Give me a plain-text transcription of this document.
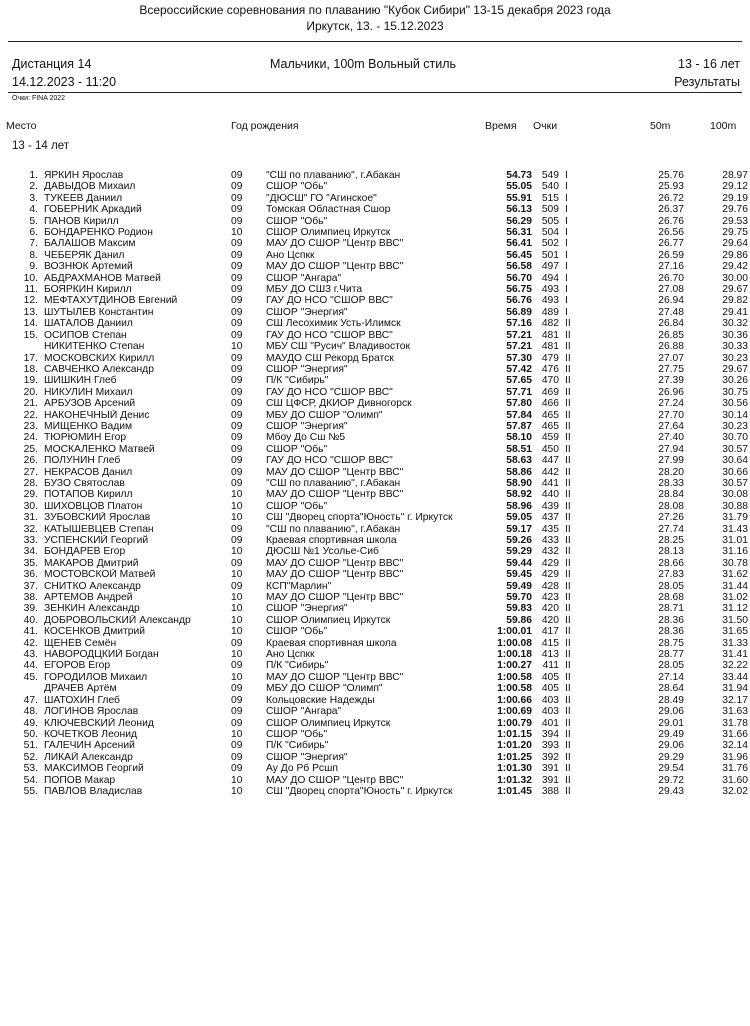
Всероссийские соревнования по плаванию "Кубок Сибири" 13-15 декабря 2023 года
Иркутск, 13. - 15.12.2023
Дистанция 14	Мальчики, 100m Вольный стиль	13 - 16 лет
14.12.2023 - 11:20	Результаты
Очки: FINA 2022
Место	Год рождения	Время Очки	50m	100m
13 - 14 лет
1.	ЯРКИН Ярослав	09	"СШ по плаванию", г.Абакан	54.73	549	I	25.76	28.97
2.	ДАВЫДОВ Михаил	09	СШОР "Обь"	55.05	540	I	25.93	29.12
3.	ТУКЕЕВ Даниил	09	"ДЮСШ" ГО "Агинское"	55.91	515	I	26.72	29.19
4.	ГОБЕРНИК Аркадий	09	Томская Областная Сшор	56.13	509	I	26.37	29.76
5.	ПАНОВ Кирилл	09	СШОР "Обь"	56.29	505	I	26.76	29.53
6.	БОНДАРЕНКО Родион	10	СШОР Олимпиец Иркутск	56.31	504	I	26.56	29.75
7.	БАЛАШОВ Максим	09	МАУ ДО СШОР "Центр ВВС"	56.41	502	I	26.77	29.64
8.	ЧЕБЕРЯК Данил	09	Ано Цспкк	56.45	501	I	26.59	29.86
9.	ВОЗНЮК Артемий	09	МАУ ДО СШОР "Центр ВВС"	56.58	497	I	27.16	29.42
10.	АБДРАХМАНОВ Матвей	09	СШОР "Ангара"	56.70	494	I	26.70	30.00
11.	БОЯРКИН Кирилл	09	МБУ ДО СШ3 г.Чита	56.75	493	I	27.08	29.67
12.	МЕФТАХУТДИНОВ Евгений	09	ГАУ ДО НСО "СШОР ВВС"	56.76	493	I	26.94	29.82
13.	ШУТЫЛЕВ Константин	09	СШОР "Энергия"	56.89	489	I	27.48	29.41
14.	ШАТАЛОВ Даниил	09	СШ Лесохимик Усть-Илимск	57.16	482	II	26.84	30.32
15.	ОСИПОВ Степан	09	ГАУ ДО НСО "СШОР ВВС"	57.21	481	II	26.85	30.36
	НИКИТЕНКО Степан	10	МБУ СШ "Русич" Владивосток	57.21	481	II	26.88	30.33
17.	МОСКОВСКИХ Кирилл	09	МАУДО СШ Рекорд Братск	57.30	479	II	27.07	30.23
18.	САВЧЕНКО Александр	09	СШОР "Энергия"	57.42	476	II	27.75	29.67
19.	ШИШКИН Глеб	09	П/К "Сибирь"	57.65	470	II	27.39	30.26
20.	НИКУЛИН Михаил	09	ГАУ ДО НСО "СШОР ВВС"	57.71	469	II	26.96	30.75
21.	АРБУЗОВ Арсений	09	СШ ЦФСР, ДКИОР Дивногорск	57.80	466	II	27.24	30.56
22.	НАКОНЕЧНЫЙ Денис	09	МБУ ДО СШОР "Олимп"	57.84	465	II	27.70	30.14
23.	МИЩЕНКО Вадим	09	СШОР "Энергия"	57.87	465	II	27.64	30.23
24.	ТЮРЮМИН Егор	09	Мбоу До Сш №5	58.10	459	II	27.40	30.70
25.	МОСКАЛЕНКО Матвей	09	СШОР "Обь"	58.51	450	II	27.94	30.57
26.	ПОЛУНИН Глеб	09	ГАУ ДО НСО "СШОР ВВС"	58.63	447	II	27.99	30.64
27.	НЕКРАСОВ Данил	09	МАУ ДО СШОР "Центр ВВС"	58.86	442	II	28.20	30.66
28.	БУЗО Святослав	09	"СШ по плаванию", г.Абакан	58.90	441	II	28.33	30.57
29.	ПОТАПОВ Кирилл	10	МАУ ДО СШОР "Центр ВВС"	58.92	440	II	28.84	30.08
30.	ШИХОВЦОВ Платон	10	СШОР "Обь"	58.96	439	II	28.08	30.88
31.	ЗУБОВСКИЙ Ярослав	10	СШ "Дворец спорта"Юность" г. Иркутск	59.05	437	II	27.26	31.79
32.	КАТЫШЕВЦЕВ Степан	09	"СШ по плаванию", г.Абакан	59.17	435	II	27.74	31.43
33.	УСПЕНСКИЙ Георгий	09	Краевая спортивная школа	59.26	433	II	28.25	31.01
34.	БОНДАРЕВ Егор	10	ДЮСШ №1 Усолье-Сиб	59.29	432	II	28.13	31.16
35.	МАКАРОВ Дмитрий	09	МАУ ДО СШОР "Центр ВВС"	59.44	429	II	28.66	30.78
36.	МОСТОВСКОЙ Матвей	10	МАУ ДО СШОР "Центр ВВС"	59.45	429	II	27.83	31.62
37.	СНИТКО Александр	09	КСП"Марлин"	59.49	428	II	28.05	31.44
38.	АРТЕМОВ Андрей	10	МАУ ДО СШОР "Центр ВВС"	59.70	423	II	28.68	31.02
39.	ЗЕНКИН Александр	10	СШОР "Энергия"	59.83	420	II	28.71	31.12
40.	ДОБРОВОЛЬСКИЙ Александр	10	СШОР Олимпиец Иркутск	59.86	420	II	28.36	31.50
41.	КОСЕНКОВ Дмитрий	10	СШОР "Обь"	1:00.01	417	II	28.36	31.65
42.	ЩЕНЁВ Семён	09	Краевая спортивная школа	1:00.08	415	II	28.75	31.33
43.	НАВОРОДЦКИЙ Богдан	10	Ано Цспкк	1:00.18	413	II	28.77	31.41
44.	ЕГОРОВ Егор	09	П/К "Сибирь"	1:00.27	411	II	28.05	32.22
45.	ГОРОДИЛОВ Михаил	10	МАУ ДО СШОР "Центр ВВС"	1:00.58	405	II	27.14	33.44
	ДРАЧЕВ Артём	09	МБУ ДО СШОР "Олимп"	1:00.58	405	II	28.64	31.94
47.	ШАТОХИН Глеб	09	Кольцовские Надежды	1:00.66	403	II	28.49	32.17
48.	ЛОГИНОВ Ярослав	09	СШОР "Ангара"	1:00.69	403	II	29.06	31.63
49.	КЛЮЧЕВСКИЙ Леонид	09	СШОР Олимпиец Иркутск	1:00.79	401	II	29.01	31.78
50.	КОЧЕТКОВ Леонид	10	СШОР "Обь"	1:01.15	394	II	29.49	31.66
51.	ГАЛЕЧИН Арсений	09	П/К "Сибирь"	1:01.20	393	II	29.06	32.14
52.	ЛИКАЙ Александр	09	СШОР "Энергия"	1:01.25	392	II	29.29	31.96
53.	МАКСИМОВ Георгий	09	Ау До Рб Рсшп	1:01.30	391	II	29.54	31.76
54.	ПОПОВ Макар	10	МАУ ДО СШОР "Центр ВВС"	1:01.32	391	II	29.72	31.60
55.	ПАВЛОВ Владислав	10	СШ "Дворец спорта"Юность" г. Иркутск	1:01.45	388	II	29.43	32.02
